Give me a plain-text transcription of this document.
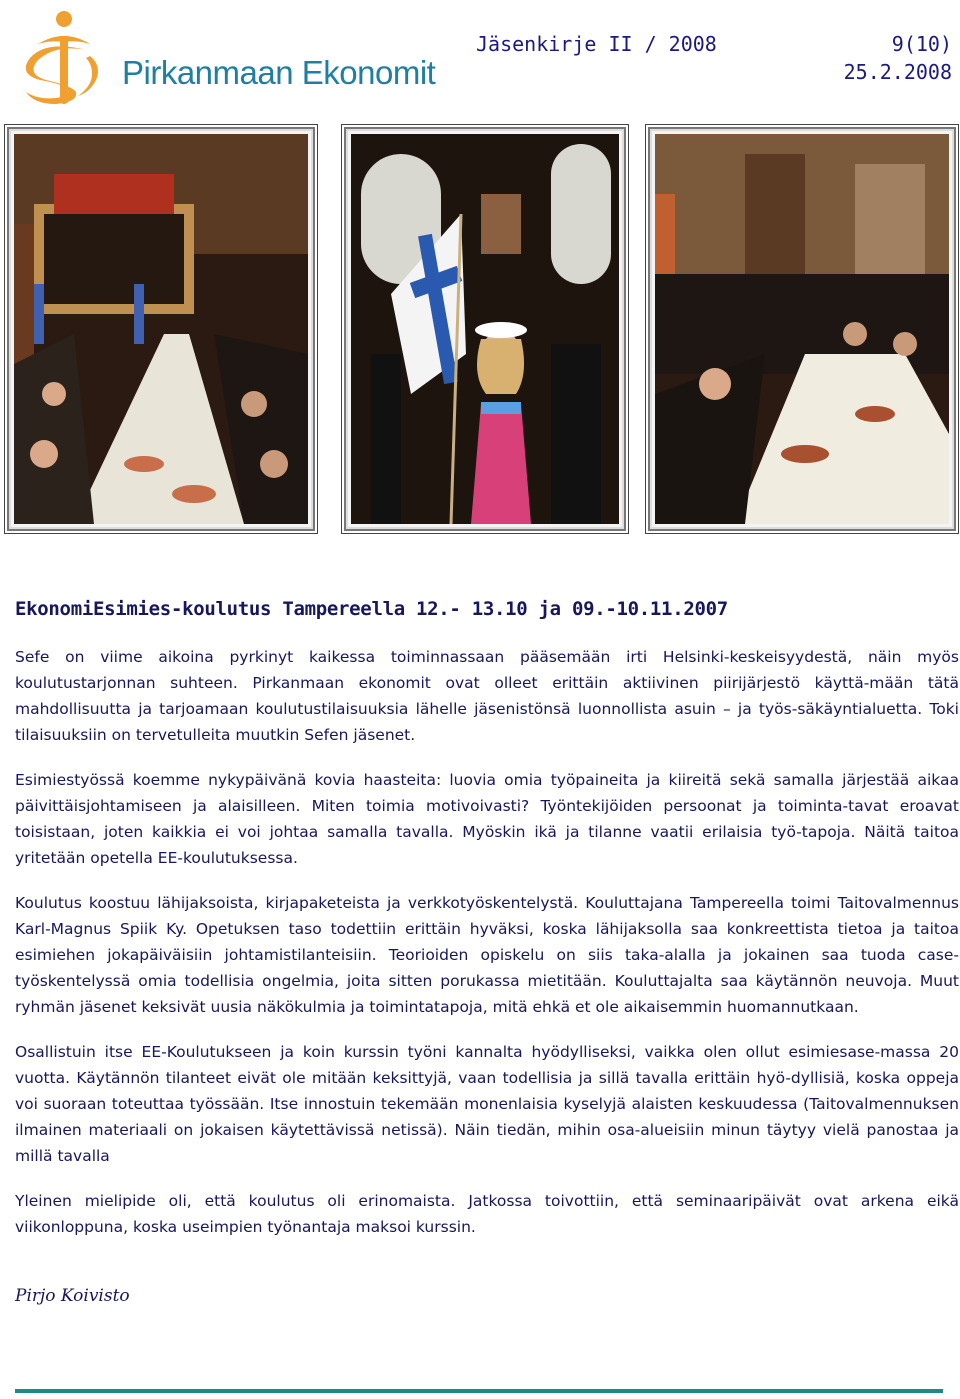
Pirkanmaan Ekonomit
Jäsenkirje II / 2008	9(10)
25.2.2008
EkonomiEsimies-koulutus Tampereella 12.- 13.10 ja 09.-10.11.2007

Sefe on viime aikoina pyrkinyt kaikessa toiminnassaan pääsemään irti Helsinki-keskeisyydestä, näin myös koulutustarjonnan suhteen. Pirkanmaan ekonomit ovat olleet erittäin aktiivinen piirijärjestö käyttä-mään tätä mahdollisuutta ja tarjoamaan koulutustilaisuuksia lähelle jäsenistönsä luonnollista asuin – ja työs-säkäyntialuetta. Toki tilaisuuksiin on tervetulleita muutkin Sefen jäsenet.

Esimiestyössä koemme nykypäivänä kovia haasteita: luovia omia työpaineita ja kiireitä sekä samalla järjestää aikaa päivittäisjohtamiseen ja alaisilleen. Miten toimia motivoivasti? Työntekijöiden persoonat ja toiminta-tavat eroavat toisistaan, joten kaikkia ei voi johtaa samalla tavalla. Myöskin ikä ja tilanne vaatii erilaisia työ-tapoja. Näitä taitoa yritetään opetella EE-koulutuksessa.

Koulutus koostuu lähijaksoista, kirjapaketeista ja verkkotyöskentelystä. Kouluttajana Tampereella toimi Taitovalmennus Karl-Magnus Spiik Ky. Opetuksen taso todettiin erittäin hyväksi, koska lähijaksolla saa konkreettista tietoa ja taitoa esimiehen jokapäiväisiin johtamistilanteisiin. Teorioiden opiskelu on siis taka-alalla ja jokainen saa tuoda case-työskentelyssä omia todellisia ongelmia, joita sitten porukassa mietitään. Kouluttajalta saa käytännön neuvoja. Muut ryhmän jäsenet keksivät uusia näkökulmia ja toimintatapoja, mitä ehkä et ole aikaisemmin huomannutkaan.

Osallistuin itse EE-Koulutukseen ja koin kurssin työni kannalta hyödylliseksi, vaikka olen ollut esimiesase-massa 20 vuotta. Käytännön tilanteet eivät ole mitään keksittyjä, vaan todellisia ja sillä tavalla erittäin hyö-dyllisiä, koska oppeja voi suoraan toteuttaa työssään. Itse innostuin tekemään monenlaisia kyselyjä alaisten keskuudessa (Taitovalmennuksen ilmainen materiaali on jokaisen käytettävissä netissä). Näin tiedän, mihin osa-alueisiin minun täytyy vielä panostaa ja millä tavalla

Yleinen mielipide oli, että koulutus oli erinomaista. Jatkossa toivottiin, että seminaaripäivät ovat arkena eikä viikonloppuna, koska useimpien työnantaja maksoi kurssin.

Pirjo Koivisto
